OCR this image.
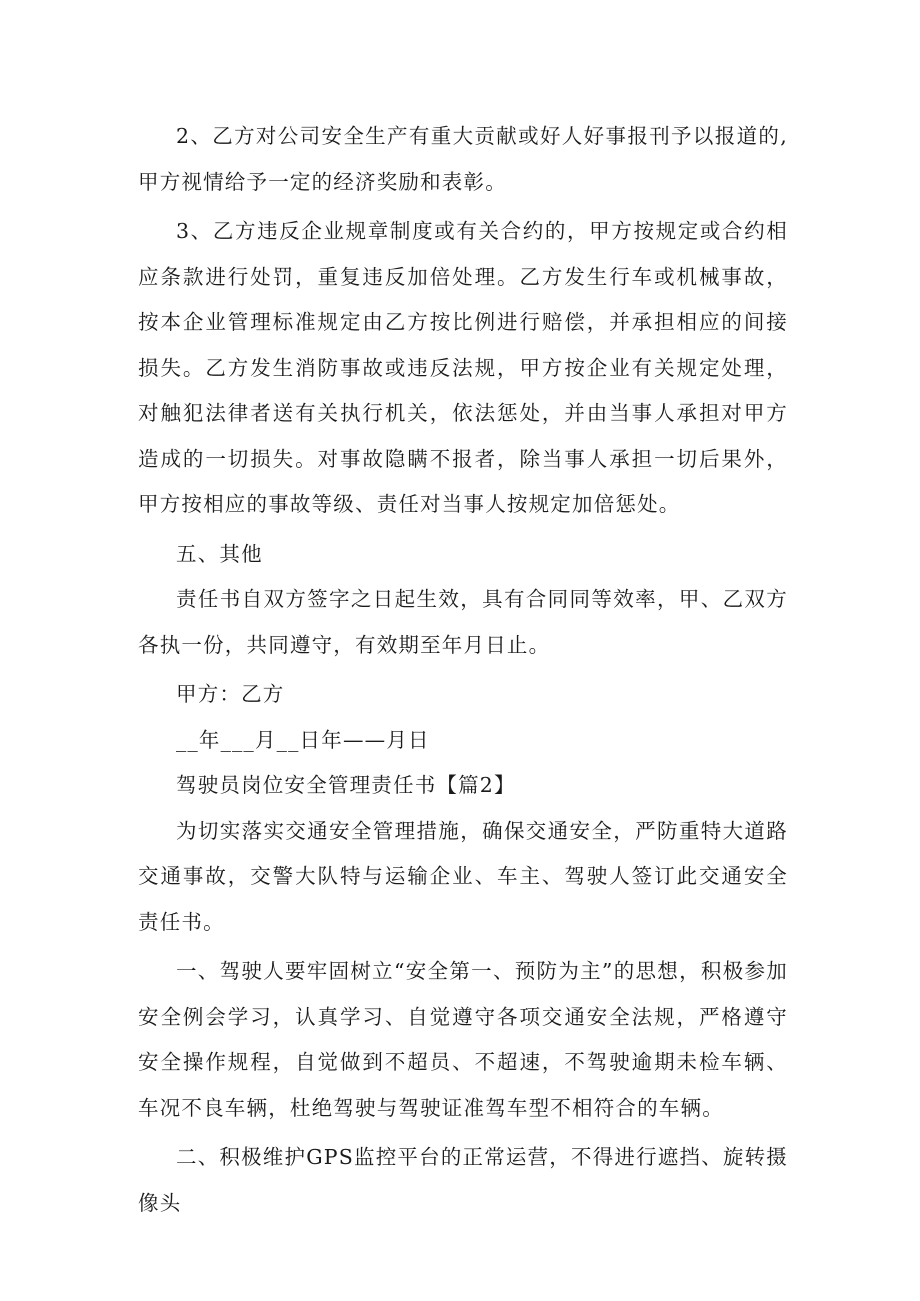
2、乙方对公司安全生产有重大贡献或好人好事报刊予以报道的,甲方视情给予一定的经济奖励和表彰。

3、乙方违反企业规章制度或有关合约的，甲方按规定或合约相应条款进行处罚，重复违反加倍处理。乙方发生行车或机械事故，按本企业管理标准规定由乙方按比例进行赔偿，并承担相应的间接损失。乙方发生消防事故或违反法规，甲方按企业有关规定处理，对触犯法律者送有关执行机关，依法惩处，并由当事人承担对甲方造成的一切损失。对事故隐瞒不报者，除当事人承担一切后果外，甲方按相应的事故等级、责任对当事人按规定加倍惩处。

五、其他

责任书自双方签字之日起生效，具有合同同等效率，甲、乙双方各执一份，共同遵守，有效期至年月日止。

甲方：乙方

__年___月__日年——月日

驾驶员岗位安全管理责任书【篇2】

为切实落实交通安全管理措施，确保交通安全，严防重特大道路交通事故，交警大队特与运输企业、车主、驾驶人签订此交通安全责任书。

一、驾驶人要牢固树立“安全第一、预防为主”的思想，积极参加安全例会学习，认真学习、自觉遵守各项交通安全法规，严格遵守安全操作规程，自觉做到不超员、不超速，不驾驶逾期未检车辆、车况不良车辆，杜绝驾驶与驾驶证准驾车型不相符合的车辆。

二、积极维护GPS监控平台的正常运营，不得进行遮挡、旋转摄像头
